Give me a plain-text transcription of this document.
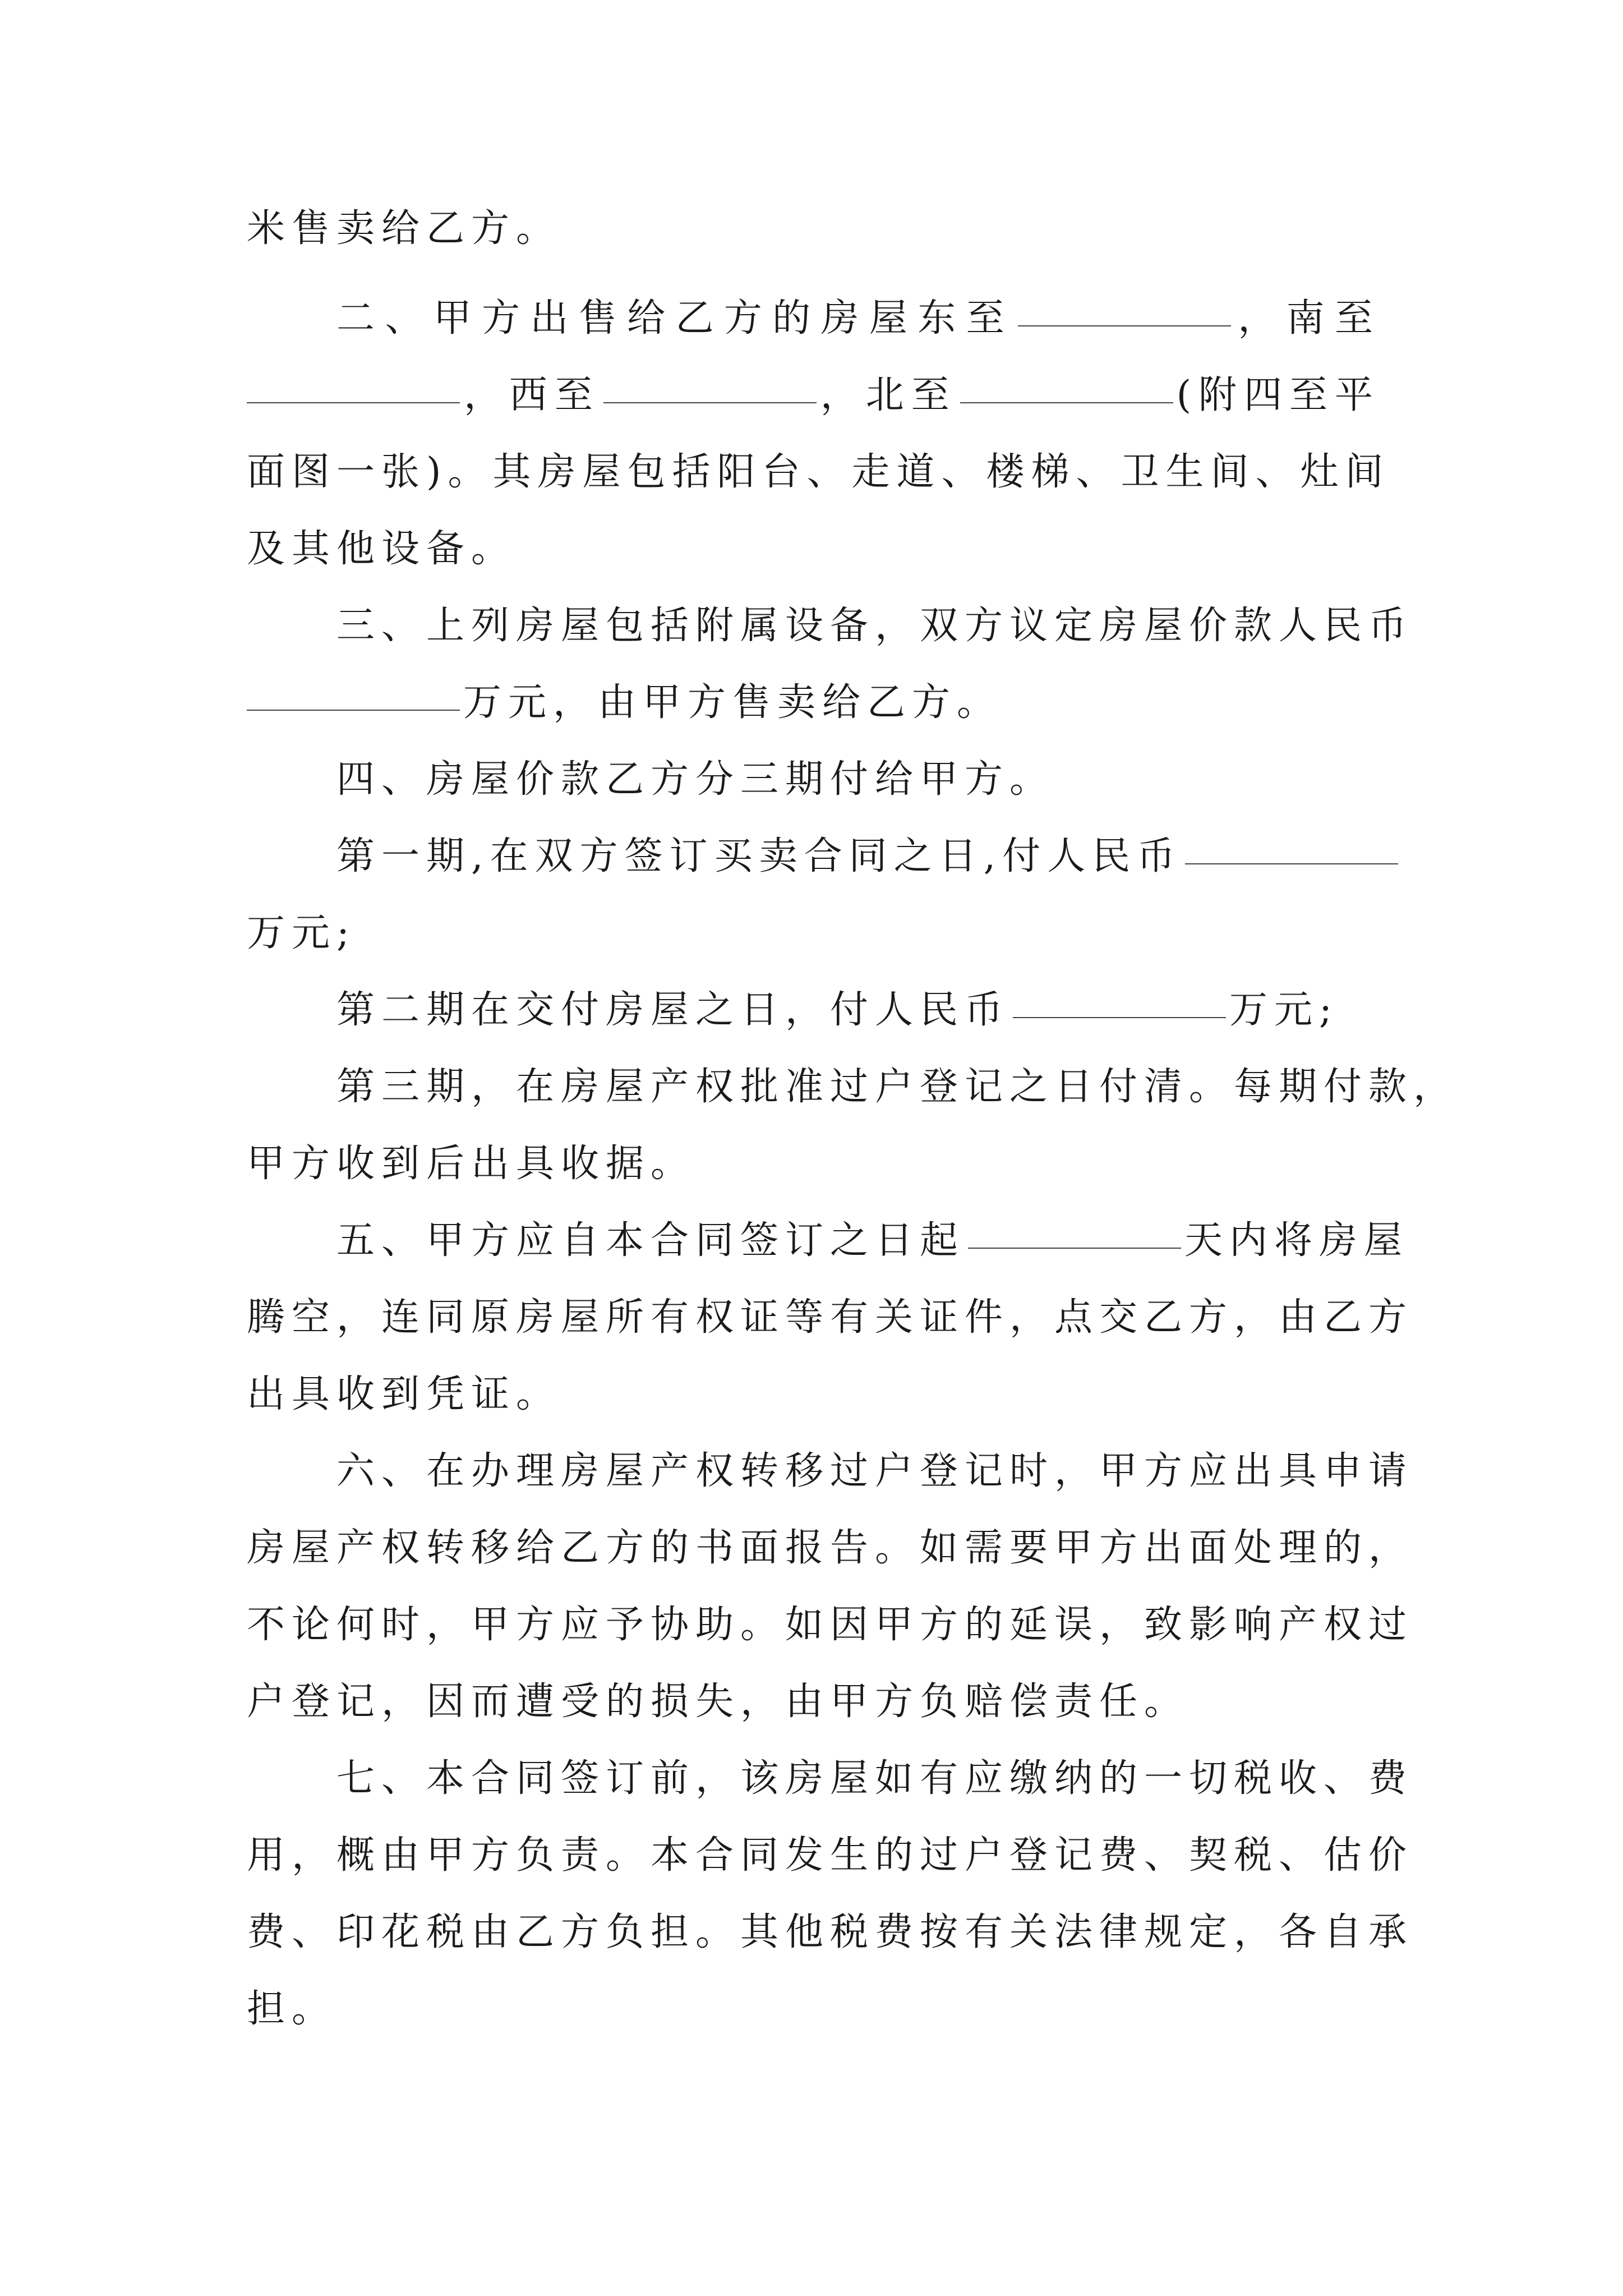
米售卖给乙方。
二、甲方出售给乙方的房屋东至	，南至
，西至	，北至	(附四至平
面图一张)。其房屋包括阳台、走道、楼梯、卫生间、灶间
及其他设备。
三、上列房屋包括附属设备，双方议定房屋价款人民币
万元，由甲方售卖给乙方。
四、房屋价款乙方分三期付给甲方。
第一期,在双方签订买卖合同之日,付人民币
万元;
第二期在交付房屋之日，付人民币	万元;
第三期，在房屋产权批准过户登记之日付清。每期付款，
甲方收到后出具收据。
五、甲方应自本合同签订之日起	天内将房屋
腾空，连同原房屋所有权证等有关证件，点交乙方，由乙方
出具收到凭证。
六、在办理房屋产权转移过户登记时，甲方应出具申请
房屋产权转移给乙方的书面报告。如需要甲方出面处理的，
不论何时，甲方应予协助。如因甲方的延误，致影响产权过
户登记，因而遭受的损失，由甲方负赔偿责任。
七、本合同签订前，该房屋如有应缴纳的一切税收、费
用，概由甲方负责。本合同发生的过户登记费、契税、估价
费、印花税由乙方负担。其他税费按有关法律规定，各自承
担。
